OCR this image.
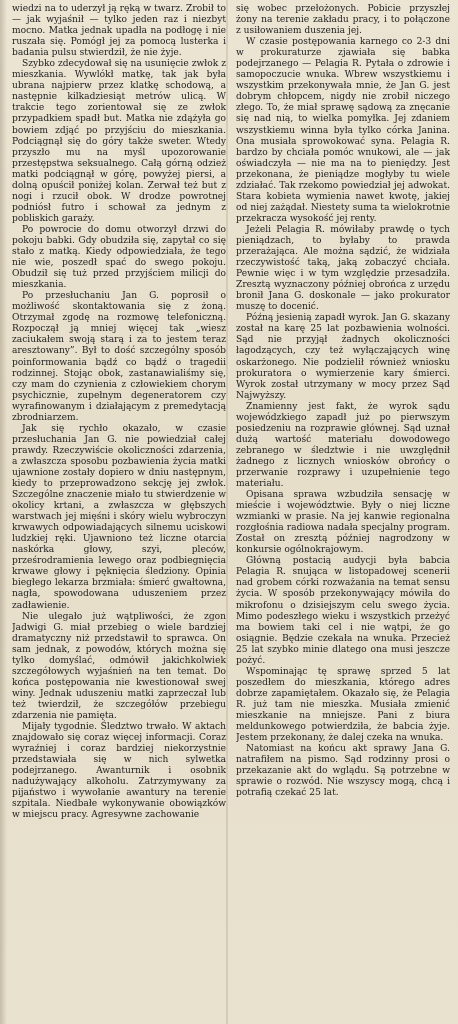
wiedzi na to uderzył ją ręką w twarz. Zrobił to — jak wyjaśnił — tylko jeden raz i niezbyt mocno. Matka jednak upadła na podłogę i nie ruszała się. Pomógł jej za pomocą lusterka i badania pulsu stwierdził, że nie żyje.

Szybko zdecydował się na usunięcie zwłok z mieszkania. Wywlókł matkę, tak jak była ubrana najpierw przez klatkę schodową, a następnie kilkadziesiąt metrów ulicą. W trakcie tego zorientował się ze zwłok przypadkiem spadł but. Matka nie zdążyła go bowiem zdjąć po przyjściu do mieszkania. Podciągnął się do góry także sweter. Wtedy przyszło mu na myśl upozorowanie przestępstwa seksualnego. Całą górną odzież matki podciągnął w górę, powyżej piersi, a dolną opuścił poniżej kolan. Zerwał też but z nogi i rzucił obok. W drodze powrotnej podniósł futro i schował za jednym z pobliskich garaży.

Po powrocie do domu otworzył drzwi do pokoju babki. Gdy obudziła się, zapytał co się stało z matką. Kiedy odpowiedziała, że tego nie wie, poszedł spać do swego pokoju. Obudził się tuż przed przyjściem milicji do mieszkania.

Po przesłuchaniu Jan G. poprosił o możliwość skontaktowania się z żoną. Otrzymał zgodę na rozmowę telefoniczną. Rozpoczął ją mniej więcej tak „wiesz zaciukałem swoją starą i za to jestem teraz aresztowany”. Był to dość szczególny sposób poinformowania bądź co bądź o tragedii rodzinnej. Stojąc obok, zastanawialiśmy się, czy mam do czynienia z człowiekiem chorym psychicznie, zupełnym degeneratorem czy wyrafinowanym i działającym z premedytacją zbrodniarzem.

Jak się rychło okazało, w czasie przesłuchania Jan G. nie powiedział całej prawdy. Rzeczywiście okoliczności zdarzenia, a zwłaszcza sposobu pozbawienia życia matki ujawnione zostały dopiero w dniu następnym, kiedy to przeprowadzono sekcję jej zwłok. Szczególne znaczenie miało tu stwierdzenie w okolicy krtani, a zwłaszcza w głębszych warstwach jej mięśni i skóry wielu wybroczyn krwawych odpowiadających silnemu uciskowi ludzkiej ręki. Ujawniono też liczne otarcia naskórka głowy, szyi, pleców, prześrodramienia lewego oraz podbiegnięcia krwawe głowy i pęknięcia śledziony. Opinia biegłego lekarza brzmiała: śmierć gwałtowna, nagła, spowodowana uduszeniem przez zadławienie.

Nie ulegało już wątpliwości, że zgon Jadwigi G. miał przebieg o wiele bardziej dramatyczny niż przedstawił to sprawca. On sam jednak, z powodów, których można się tylko domyślać, odmówił jakichkolwiek szczegółowych wyjaśnień na ten temat. Do końca postępowania nie kwestionował swej winy. Jednak uduszeniu matki zaprzeczał lub też twierdził, że szczegółów przebiegu zdarzenia nie pamięta.

Mijały tygodnie. Śledztwo trwało. W aktach znajdowało się coraz więcej informacji. Coraz wyraźniej i coraz bardziej niekorzystnie przedstawiała się w nich sylwetka podejrzanego. Awanturnik i osobnik nadużywający alkoholu. Zatrzymywany za pijaństwo i wywołanie awantury na terenie szpitala. Niedbałe wykonywanie obowiązków w miejscu pracy. Agresywne zachowanie

się wobec przełożonych. Pobicie przyszłej żony na terenie zakładu pracy, i to połączone z usiłowaniem duszenia jej.

W czasie postępowania karnego co 2-3 dni w prokuraturze zjawiała się babka podejrzanego — Pelagia R. Pytała o zdrowie i samopoczucie wnuka. Wbrew wszystkiemu i wszystkim przekonywała mnie, że Jan G. jest dobrym chłopcem, nigdy nie zrobił niczego złego. To, że miał sprawę sądową za znęcanie się nad nią, to wielka pomyłka. Jej zdaniem wszystkiemu winna była tylko córka Janina. Ona musiała sprowokować syna. Pelagia R. bardzo by chciała pomóc wnukowi, ale — jak oświadczyła — nie ma na to pieniędzy. Jest przekonana, że pieniądze mogłyby tu wiele zdziałać. Tak rzekomo powiedział jej adwokat. Stara kobieta wymienia nawet kwotę, jakiej od niej zażądał. Niestety suma ta wielokrotnie przekracza wysokość jej renty.

Jeżeli Pelagia R. mówiłaby prawdę o tych pieniądzach, to byłaby to prawda przerażająca. Ale można sądzić, że widziała rzeczywistość taką, jaką zobaczyć chciała. Pewnie więc i w tym względzie przesadziła. Zresztą wyznaczony później obrońca z urzędu bronił Jana G. doskonale — jako prokurator muszę to docenić.

Późną jesienią zapadł wyrok. Jan G. skazany został na karę 25 lat pozbawienia wolności. Sąd nie przyjął żadnych okoliczności łagodzących, czy też wyłączających winę oskarżonego. Nie podzielił również wniosku prokuratora o wymierzenie kary śmierci. Wyrok został utrzymany w mocy przez Sąd Najwyższy.

Znamienny jest fakt, że wyrok sądu wojewódzkiego zapadł już po pierwszym posiedzeniu na rozprawie głównej. Sąd uznał dużą wartość materiału dowodowego zebranego w śledztwie i nie uwzględnił żadnego z licznych wniosków obrońcy o przerwanie rozprawy i uzupełnienie tego materiału.

Opisana sprawa wzbudziła sensację w mieście i województwie. Były o niej liczne wzmianki w prasie. Na jej kanwie regionalna rozgłośnia radiowa nadała specjalny program. Został on zresztą później nagrodzony w konkursie ogólnokrajowym.

Główną postacią audycji była babcia Pelagia R. snująca w listopadowej scenerii nad grobem córki rozważania na temat sensu życia. W sposób przekonywający mówiła do mikrofonu o dzisiejszym celu swego życia. Mimo podeszłego wieku i wszystkich przeżyć ma bowiem taki cel i nie wątpi, że go osiągnie. Będzie czekała na wnuka. Przecież 25 lat szybko minie dlatego ona musi jeszcze pożyć.

Wspominając tę sprawę sprzed 5 lat poszedłem do mieszkania, którego adres dobrze zapamiętałem. Okazało się, że Pelagia R. już tam nie mieszka. Musiała zmienić mieszkanie na mniejsze. Pani z biura meldunkowego potwierdziła, że babcia żyje. Jestem przekonany, że dalej czeka na wnuka.

Natomiast na końcu akt sprawy Jana G. natrafiłem na pismo. Sąd rodzinny prosi o przekazanie akt do wglądu. Są potrzebne w sprawie o rozwód. Nie wszyscy mogą, chcą i potrafią czekać 25 lat.
